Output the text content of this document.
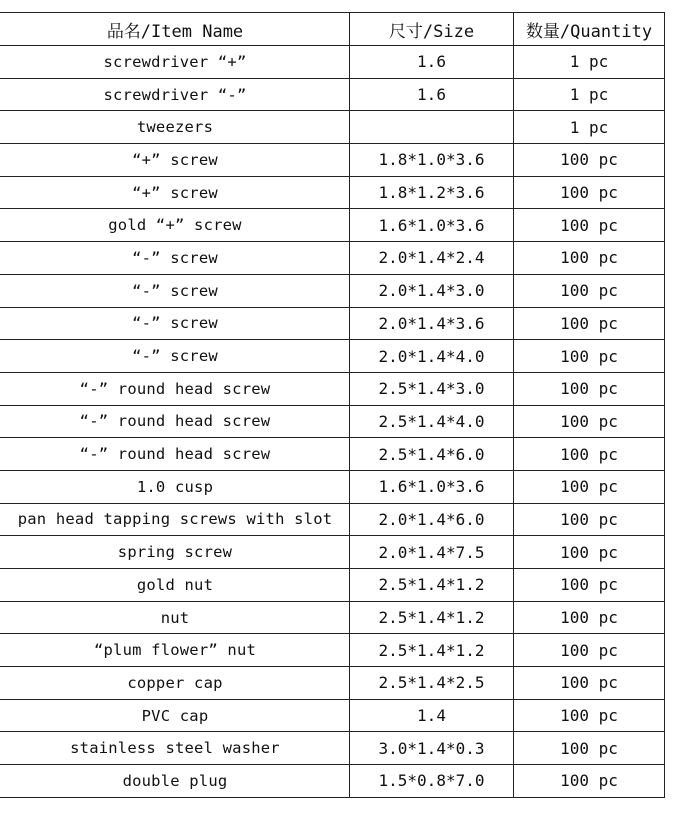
品名/Item Name	尺寸/Size	数量/Quantity
screwdriver “+”	1.6	1 pc
screwdriver “-”	1.6	1 pc
tweezers		1 pc
“+” screw	1.8*1.0*3.6	100 pc
“+” screw	1.8*1.2*3.6	100 pc
gold “+” screw	1.6*1.0*3.6	100 pc
“-” screw	2.0*1.4*2.4	100 pc
“-” screw	2.0*1.4*3.0	100 pc
“-” screw	2.0*1.4*3.6	100 pc
“-” screw	2.0*1.4*4.0	100 pc
“-” round head screw	2.5*1.4*3.0	100 pc
“-” round head screw	2.5*1.4*4.0	100 pc
“-” round head screw	2.5*1.4*6.0	100 pc
1.0 cusp	1.6*1.0*3.6	100 pc
pan head tapping screws with slot	2.0*1.4*6.0	100 pc
spring screw	2.0*1.4*7.5	100 pc
gold nut	2.5*1.4*1.2	100 pc
nut	2.5*1.4*1.2	100 pc
“plum flower” nut	2.5*1.4*1.2	100 pc
copper cap	2.5*1.4*2.5	100 pc
PVC cap	1.4	100 pc
stainless steel washer	3.0*1.4*0.3	100 pc
double plug	1.5*0.8*7.0	100 pc
